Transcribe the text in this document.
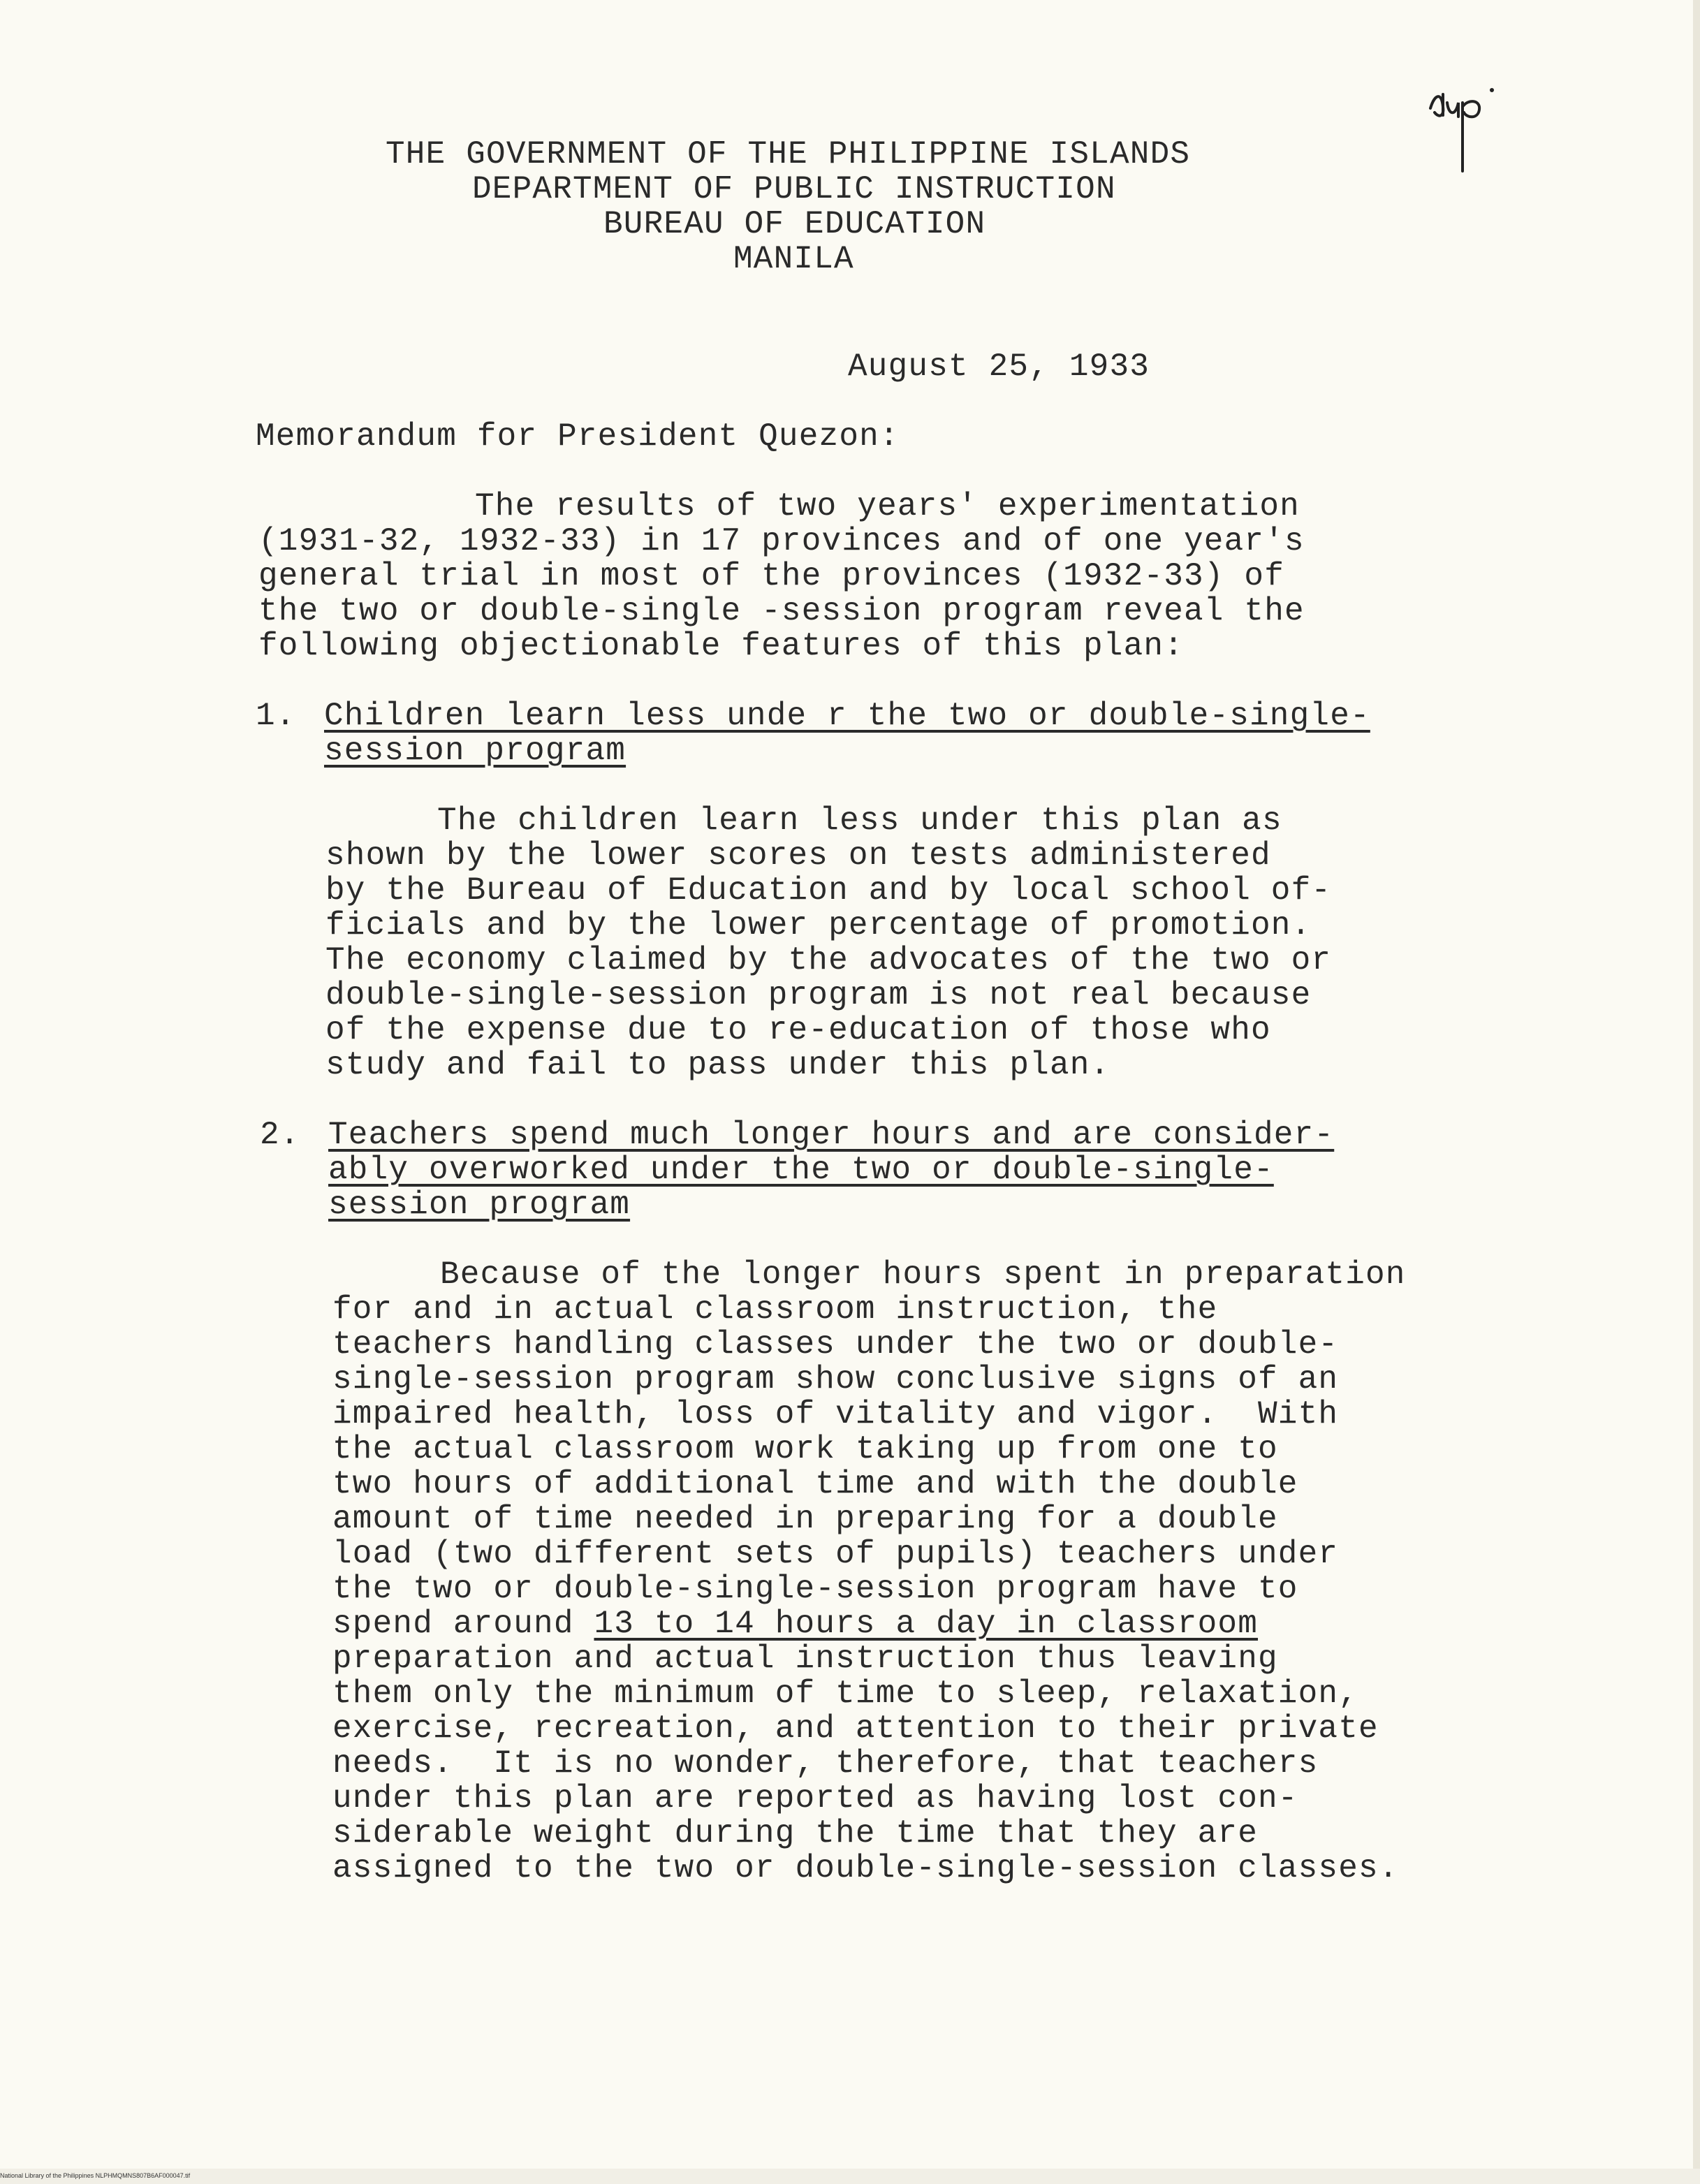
THE GOVERNMENT OF THE PHILIPPINE ISLANDS
DEPARTMENT OF PUBLIC INSTRUCTION
BUREAU OF EDUCATION
MANILA
August 25, 1933
Memorandum for President Quezon:
The results of two years' experimentation
(1931-32, 1932-33) in 17 provinces and of one year's
general trial in most of the provinces (1932-33) of
the two or double-single -session program reveal the
following objectionable features of this plan:
1. Children learn less unde r the two or double-single-
session program
The children learn less under this plan as
shown by the lower scores on tests administered
by the Bureau of Education and by local school of-
ficials and by the lower percentage of promotion.
The economy claimed by the advocates of the two or
double-single-session program is not real because
of the expense due to re-education of those who
study and fail to pass under this plan.
2. Teachers spend much longer hours and are consider-
ably overworked under the two or double-single-
session program
Because of the longer hours spent in preparation
for and in actual classroom instruction, the
teachers handling classes under the two or double-
single-session program show conclusive signs of an
impaired health, loss of vitality and vigor.  With
the actual classroom work taking up from one to
two hours of additional time and with the double
amount of time needed in preparing for a double
load (two different sets of pupils) teachers under
the two or double-single-session program have to
spend around 13 to 14 hours a day in classroom
preparation and actual instruction thus leaving
them only the minimum of time to sleep, relaxation,
exercise, recreation, and attention to their private
needs.  It is no wonder, therefore, that teachers
under this plan are reported as having lost con-
siderable weight during the time that they are
assigned to the two or double-single-session classes.
National Library of the Philippines NLPHMQMNS807B6AF000047.tif
